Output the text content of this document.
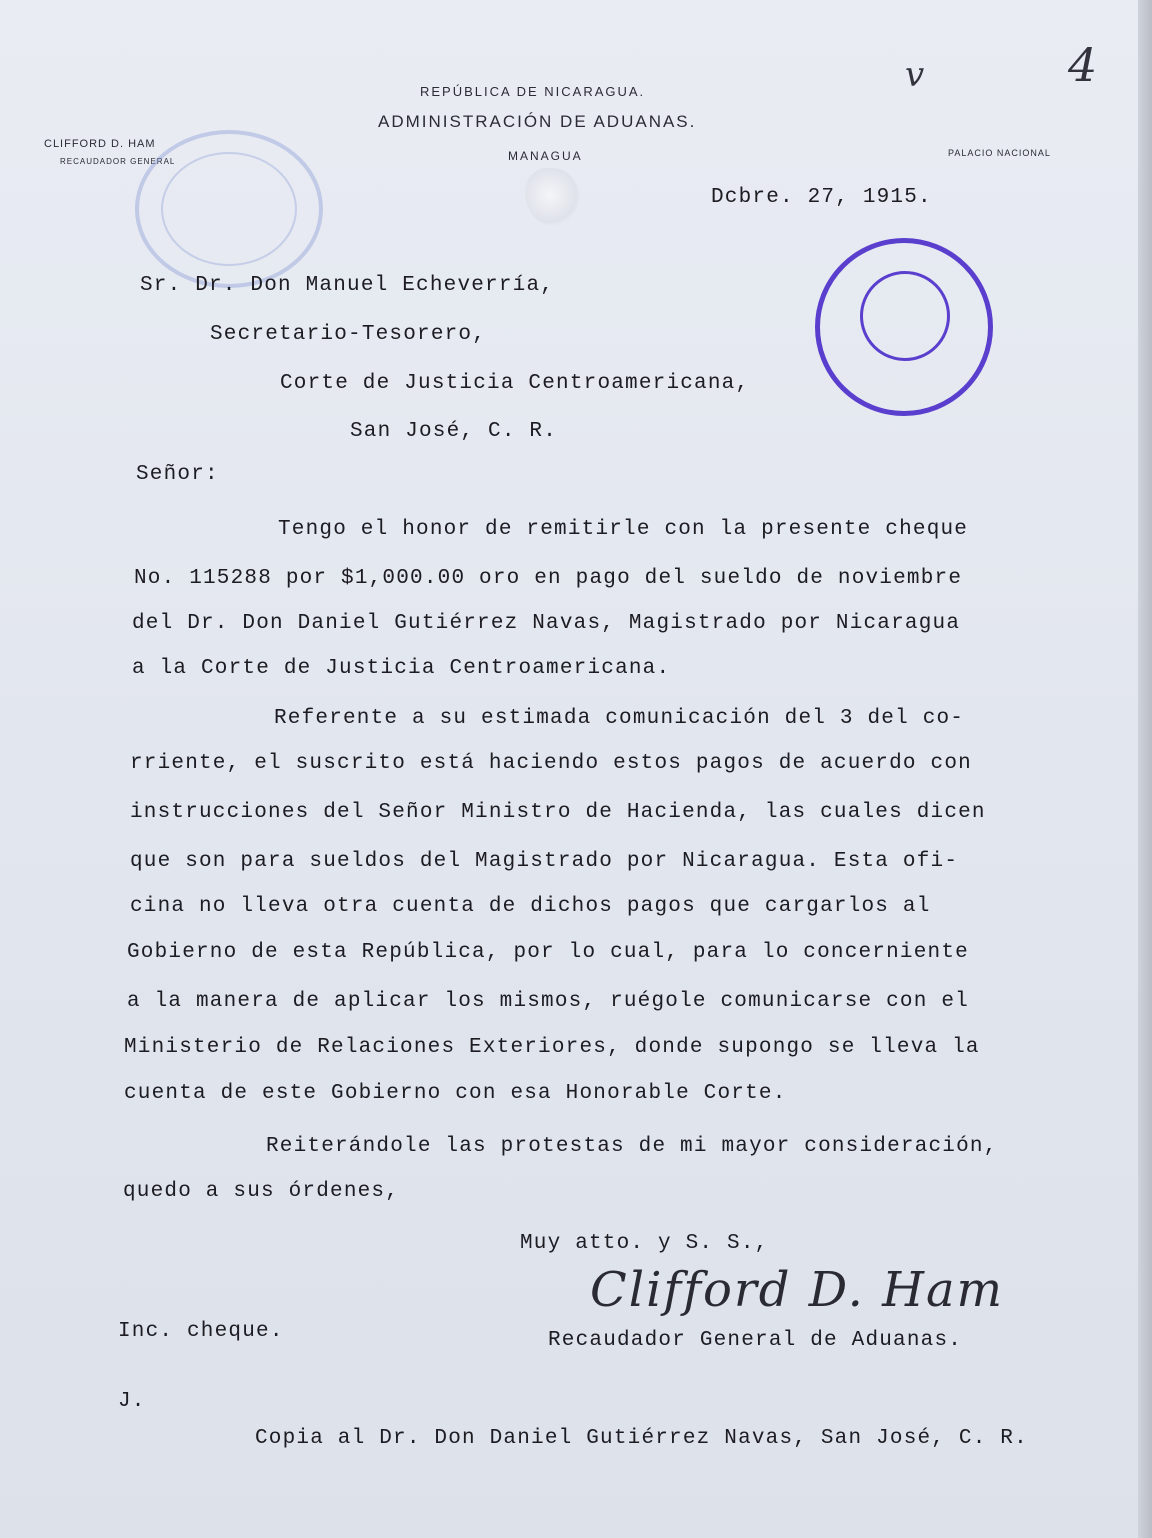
v	4
REPÚBLICA DE NICARAGUA.
ADMINISTRACIÓN DE ADUANAS.
MANAGUA
CLIFFORD D. HAM
RECAUDADOR GENERAL
PALACIO NACIONAL
Dcbre. 27, 1915.
Sr. Dr. Don Manuel Echeverría,
Secretario-Tesorero,
Corte de Justicia Centroamericana,
San José, C. R.
Señor:
Tengo el honor de remitirle con la presente cheque
No. 115288 por $1,000.00 oro en pago del sueldo de noviembre
del Dr. Don Daniel Gutiérrez Navas, Magistrado por Nicaragua
a la Corte de Justicia Centroamericana.
Referente a su estimada comunicación del 3 del co-
rriente, el suscrito está haciendo estos pagos de acuerdo con
instrucciones del Señor Ministro de Hacienda, las cuales dicen
que son para sueldos del Magistrado por Nicaragua. Esta ofi-
cina no lleva otra cuenta de dichos pagos que cargarlos al
Gobierno de esta República, por lo cual, para lo concerniente
a la manera de aplicar los mismos, ruégole comunicarse con el
Ministerio de Relaciones Exteriores, donde supongo se lleva la
cuenta de este Gobierno con esa Honorable Corte.
Reiterándole las protestas de mi mayor consideración,
quedo a sus órdenes,
Muy atto. y S. S.,
Clifford D. Ham
Recaudador General de Aduanas.
Inc. cheque.
J.
Copia al Dr. Don Daniel Gutiérrez Navas, San José, C. R.
